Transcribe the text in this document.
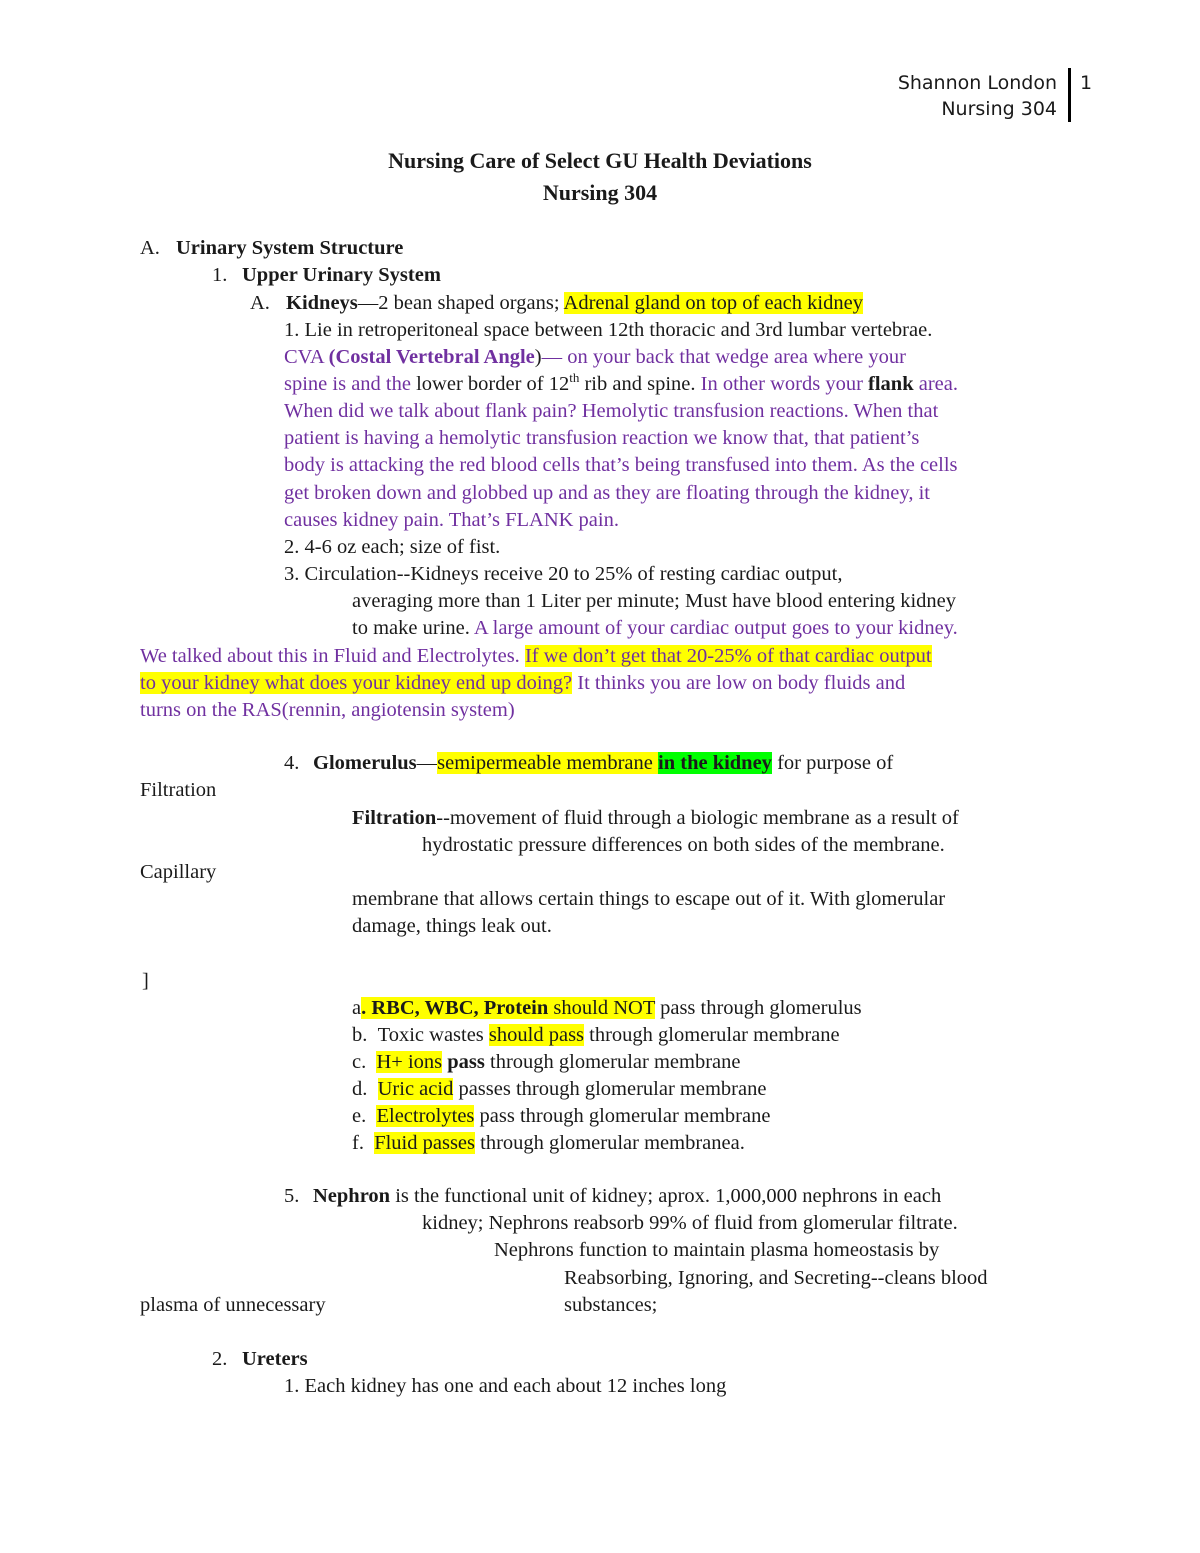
Shannon London
Nursing 304
1
Nursing Care of Select GU Health Deviations
Nursing 304
A. Urinary System Structure
1. Upper Urinary System
A. Kidneys—2 bean shaped organs; Adrenal gland on top of each kidney
1. Lie in retroperitoneal space between 12th thoracic and 3rd lumbar vertebrae.
CVA (Costal Vertebral Angle)— on your back that wedge area where your
spine is and the lower border of 12th rib and spine. In other words your flank area.
When did we talk about flank pain? Hemolytic transfusion reactions. When that
patient is having a hemolytic transfusion reaction we know that, that patient’s
body is attacking the red blood cells that’s being transfused into them. As the cells
get broken down and globbed up and as they are floating through the kidney, it
causes kidney pain. That’s FLANK pain.
2. 4-6 oz each; size of fist.
3. Circulation--Kidneys receive 20 to 25% of resting cardiac output,
averaging more than 1 Liter per minute; Must have blood entering kidney
to make urine. A large amount of your cardiac output goes to your kidney.
We talked about this in Fluid and Electrolytes. If we don’t get that 20-25% of that cardiac output
to your kidney what does your kidney end up doing? It thinks you are low on body fluids and
turns on the RAS(rennin, angiotensin system)
4. Glomerulus—semipermeable membrane in the kidney for purpose of
Filtration
Filtration--movement of fluid through a biologic membrane as a result of
hydrostatic pressure differences on both sides of the membrane.
Capillary
membrane that allows certain things to escape out of it. With glomerular
damage, things leak out.
]
a. RBC, WBC, Protein should NOT pass through glomerulus
b. Toxic wastes should pass through glomerular membrane
c. H+ ions pass through glomerular membrane
d. Uric acid passes through glomerular membrane
e. Electrolytes pass through glomerular membrane
f. Fluid passes through glomerular membranea.
5. Nephron is the functional unit of kidney; aprox. 1,000,000 nephrons in each
kidney; Nephrons reabsorb 99% of fluid from glomerular filtrate.
Nephrons function to maintain plasma homeostasis by
Reabsorbing, Ignoring, and Secreting--cleans blood
plasma of unnecessary	substances;
2. Ureters
1. Each kidney has one and each about 12 inches long
